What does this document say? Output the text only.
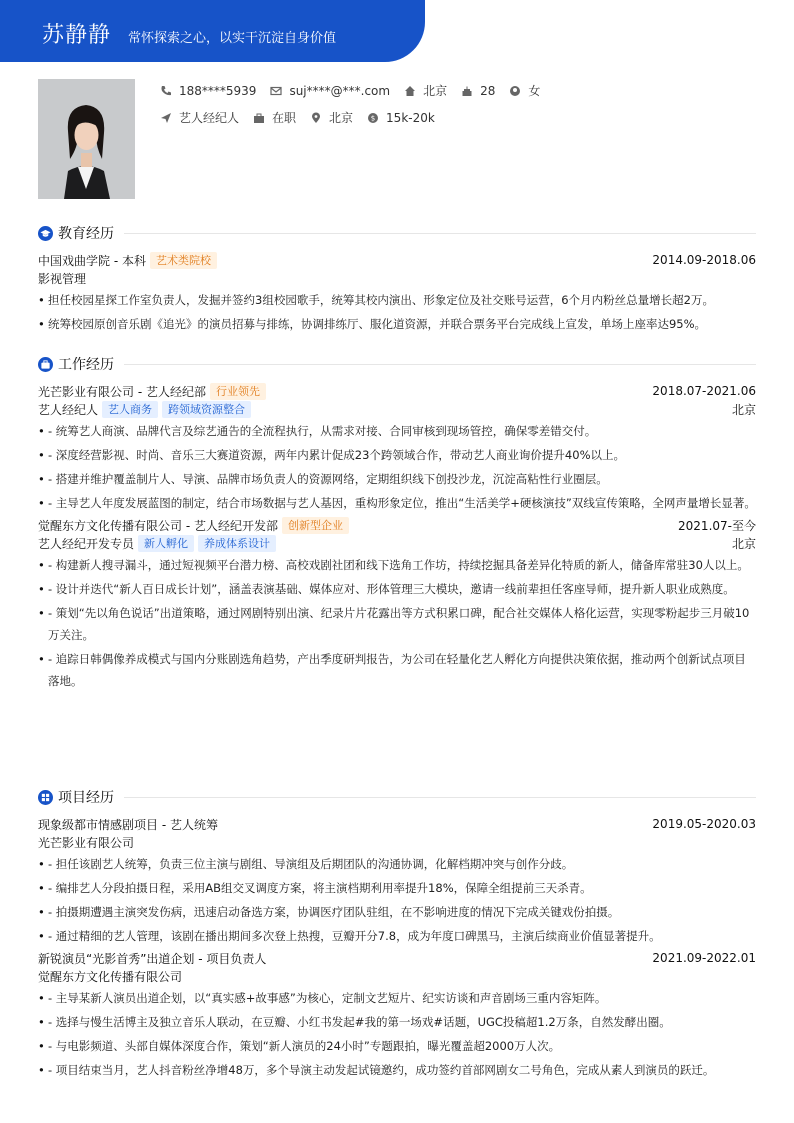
苏静静 常怀探索之心，以实干沉淀自身价值
188****5939	suj****@***.com	北京	28	女
艺人经纪人	在职	北京	$ 15k-20k
教育经历
中国戏曲学院 - 本科 艺术类院校	2014.09-2018.06
影视管理
• 担任校园星探工作室负责人，发掘并签约3组校园歌手，统筹其校内演出、形象定位及社交账号运营，6个月内粉丝总量增长超2万。
• 统筹校园原创音乐剧《追光》的演员招募与排练，协调排练厅、服化道资源，并联合票务平台完成线上宣发，单场上座率达95%。
工作经历
光芒影业有限公司 - 艺人经纪部 行业领先	2018.07-2021.06
艺人经纪人 艺人商务	跨领域资源整合	北京
• - 统筹艺人商演、品牌代言及综艺通告的全流程执行，从需求对接、合同审核到现场管控，确保零差错交付。
• - 深度经营影视、时尚、音乐三大赛道资源，两年内累计促成23个跨领域合作，带动艺人商业询价提升40%以上。
• - 搭建并维护覆盖制片人、导演、品牌市场负责人的资源网络，定期组织线下创投沙龙，沉淀高粘性行业圈层。
• - 主导艺人年度发展蓝图的制定，结合市场数据与艺人基因，重构形象定位，推出“生活美学+硬核演技”双线宣传策略，全网声量增长显著。
觉醒东方文化传播有限公司 - 艺人经纪开发部 创新型企业	2021.07-至今
艺人经纪开发专员 新人孵化	养成体系设计	北京
• - 构建新人搜寻漏斗，通过短视频平台潜力榜、高校戏剧社团和线下选角工作坊，持续挖掘具备差异化特质的新人，储备库常驻30人以上。
• - 设计并迭代“新人百日成长计划”，涵盖表演基础、媒体应对、形体管理三大模块，邀请一线前辈担任客座导师，提升新人职业成熟度。
• - 策划“先以角色说话”出道策略，通过网剧特别出演、纪录片片花露出等方式积累口碑，配合社交媒体人格化运营，实现零粉起步三月破10万关注。
• - 追踪日韩偶像养成模式与国内分账剧选角趋势，产出季度研判报告，为公司在轻量化艺人孵化方向提供决策依据，推动两个创新试点项目落地。
项目经历
现象级都市情感剧项目 - 艺人统筹	2019.05-2020.03
光芒影业有限公司
• - 担任该剧艺人统筹，负责三位主演与剧组、导演组及后期团队的沟通协调，化解档期冲突与创作分歧。
• - 编排艺人分段拍摄日程，采用AB组交叉调度方案，将主演档期利用率提升18%，保障全组提前三天杀青。
• - 拍摄期遭遇主演突发伤病，迅速启动备选方案，协调医疗团队驻组，在不影响进度的情况下完成关键戏份拍摄。
• - 通过精细的艺人管理，该剧在播出期间多次登上热搜，豆瓣开分7.8，成为年度口碑黑马，主演后续商业价值显著提升。
新锐演员“光影首秀”出道企划 - 项目负责人	2021.09-2022.01
觉醒东方文化传播有限公司
• - 主导某新人演员出道企划，以“真实感+故事感”为核心，定制文艺短片、纪实访谈和声音剧场三重内容矩阵。
• - 选择与慢生活博主及独立音乐人联动，在豆瓣、小红书发起#我的第一场戏#话题，UGC投稿超1.2万条，自然发酵出圈。
• - 与电影频道、头部自媒体深度合作，策划“新人演员的24小时”专题跟拍，曝光覆盖超2000万人次。
• - 项目结束当月，艺人抖音粉丝净增48万，多个导演主动发起试镜邀约，成功签约首部网剧女二号角色，完成从素人到演员的跃迁。
